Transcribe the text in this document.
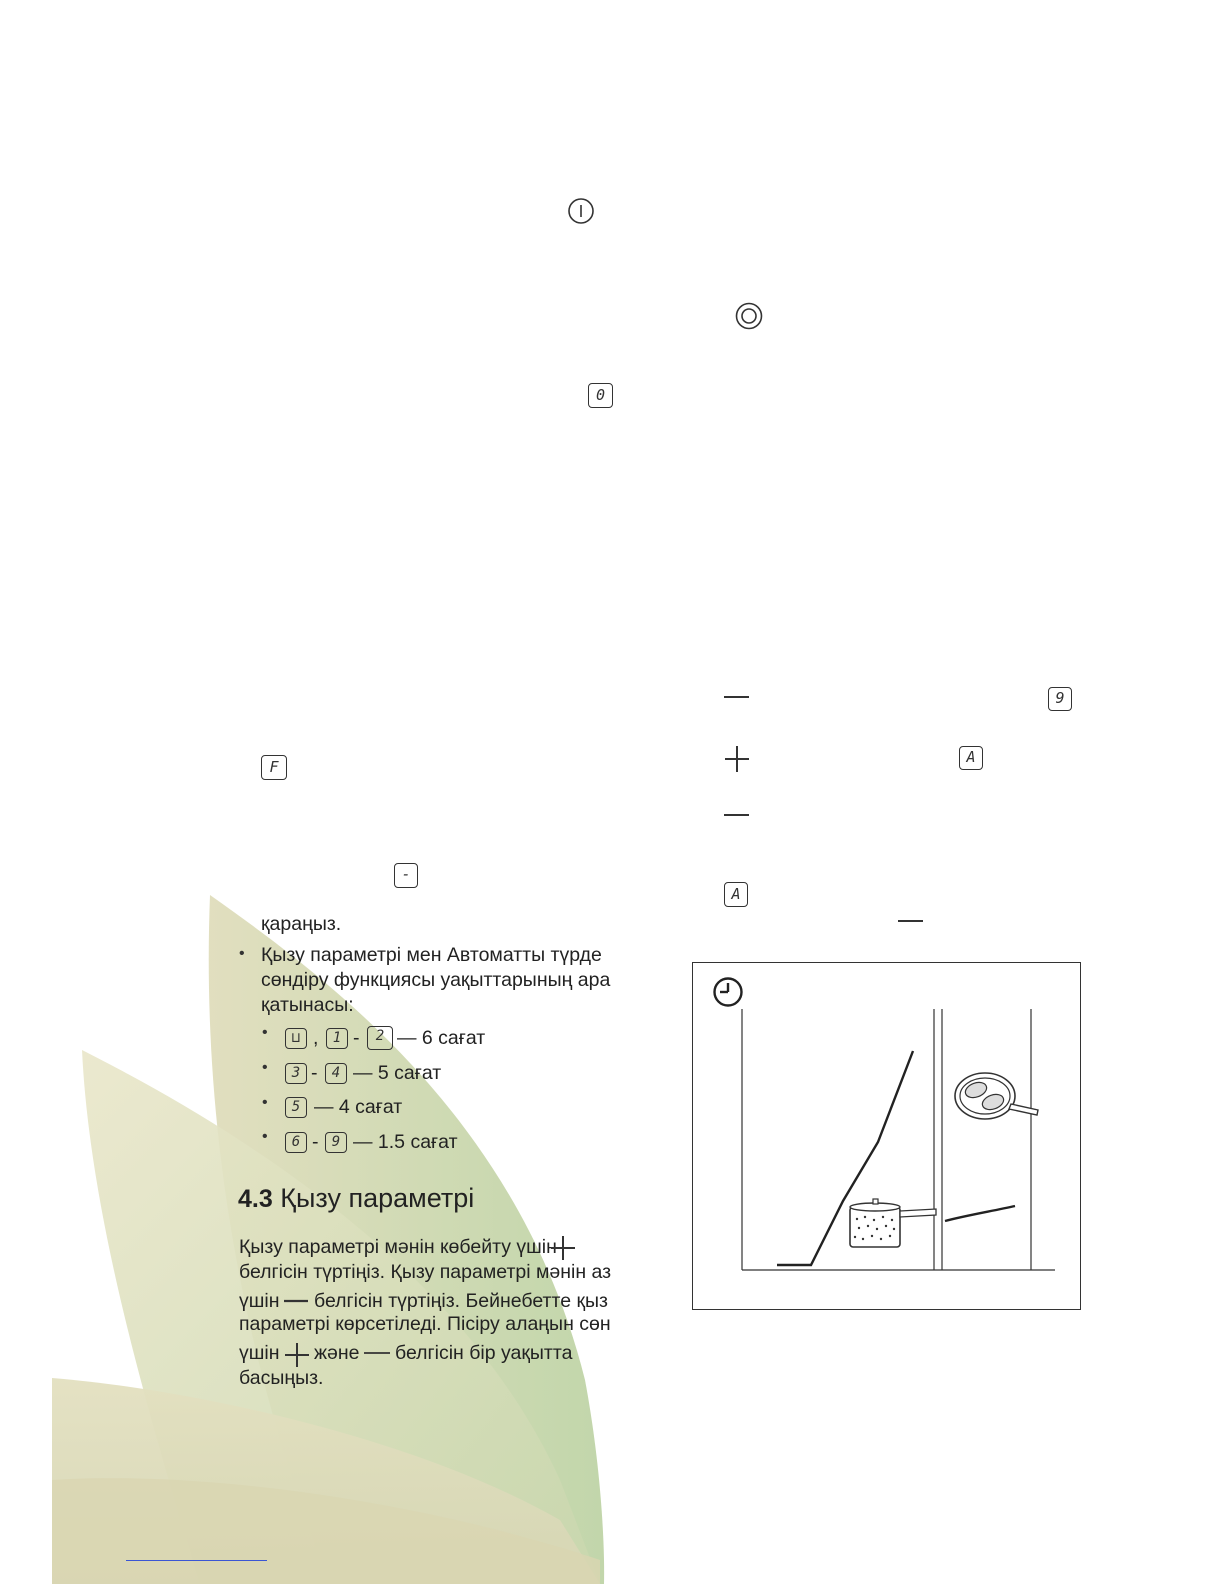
0
F
-
9
A
A
қараңыз.
• Қызу параметрі мен Автоматты түрде
сөндіру функциясы уақыттарының ара
қатынасы:
•	⊔ ,	1 -	2 — 6 сағат
•	3 -	4 — 5 сағат
•	5 — 4 сағат
•	6 - 9 — 1.5 сағат
4.3 Қызу параметрі
Қызу параметрі мәнін көбейту үшін
белгісін түртіңіз. Қызу параметрі мәнін аз
үшін белгісін түртіңіз. Бейнебетте қыз
параметрі көрсетіледі. Пісіру алаңын сөн
үшін және белгісін бір уақытта
басыңыз.
